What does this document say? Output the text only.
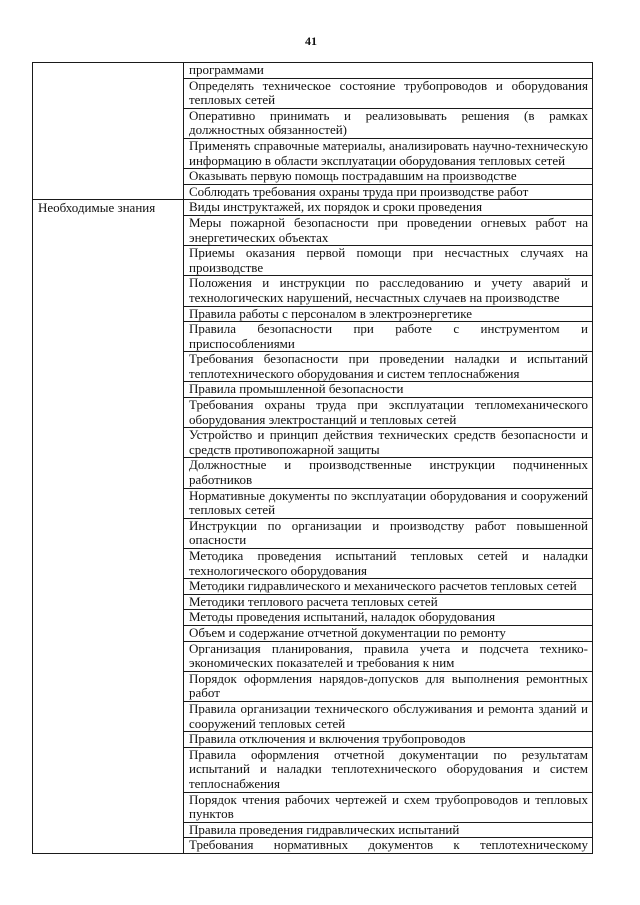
41
	программами
	Определять техническое состояние трубопроводов и оборудования тепловых сетей
	Оперативно принимать и реализовывать решения (в рамках должностных обязанностей)
	Применять справочные материалы, анализировать научно-техническую информацию в области эксплуатации оборудования тепловых сетей
	Оказывать первую помощь пострадавшим на производстве
	Соблюдать требования охраны труда при производстве работ
Необходимые знания	Виды инструктажей, их порядок и сроки проведения
	Меры пожарной безопасности при проведении огневых работ на энергетических объектах
	Приемы оказания первой помощи при несчастных случаях на производстве
	Положения и инструкции по расследованию и учету аварий и технологических нарушений, несчастных случаев на производстве
	Правила работы с персоналом в электроэнергетике
	Правила безопасности при работе с инструментом и приспособлениями
	Требования безопасности при проведении наладки и испытаний теплотехнического оборудования и систем теплоснабжения
	Правила промышленной безопасности
	Требования охраны труда при эксплуатации тепломеханического оборудования электростанций и тепловых сетей
	Устройство и принцип действия технических средств безопасности и средств противопожарной защиты
	Должностные и производственные инструкции подчиненных работников
	Нормативные документы по эксплуатации оборудования и сооружений тепловых сетей
	Инструкции по организации и производству работ повышенной опасности
	Методика проведения испытаний тепловых сетей и наладки технологического оборудования
	Методики гидравлического и механического расчетов тепловых сетей
	Методики теплового расчета тепловых сетей
	Методы проведения испытаний, наладок оборудования
	Объем и содержание отчетной документации по ремонту
	Организация планирования, правила учета и подсчета технико-экономических показателей и требования к ним
	Порядок оформления нарядов-допусков для выполнения ремонтных работ
	Правила организации технического обслуживания и ремонта зданий и сооружений тепловых сетей
	Правила отключения и включения трубопроводов
	Правила оформления отчетной документации по результатам испытаний и наладки теплотехнического оборудования и систем теплоснабжения
	Порядок чтения рабочих чертежей и схем трубопроводов и тепловых пунктов
	Правила проведения гидравлических испытаний
	Требования нормативных документов к теплотехническому
